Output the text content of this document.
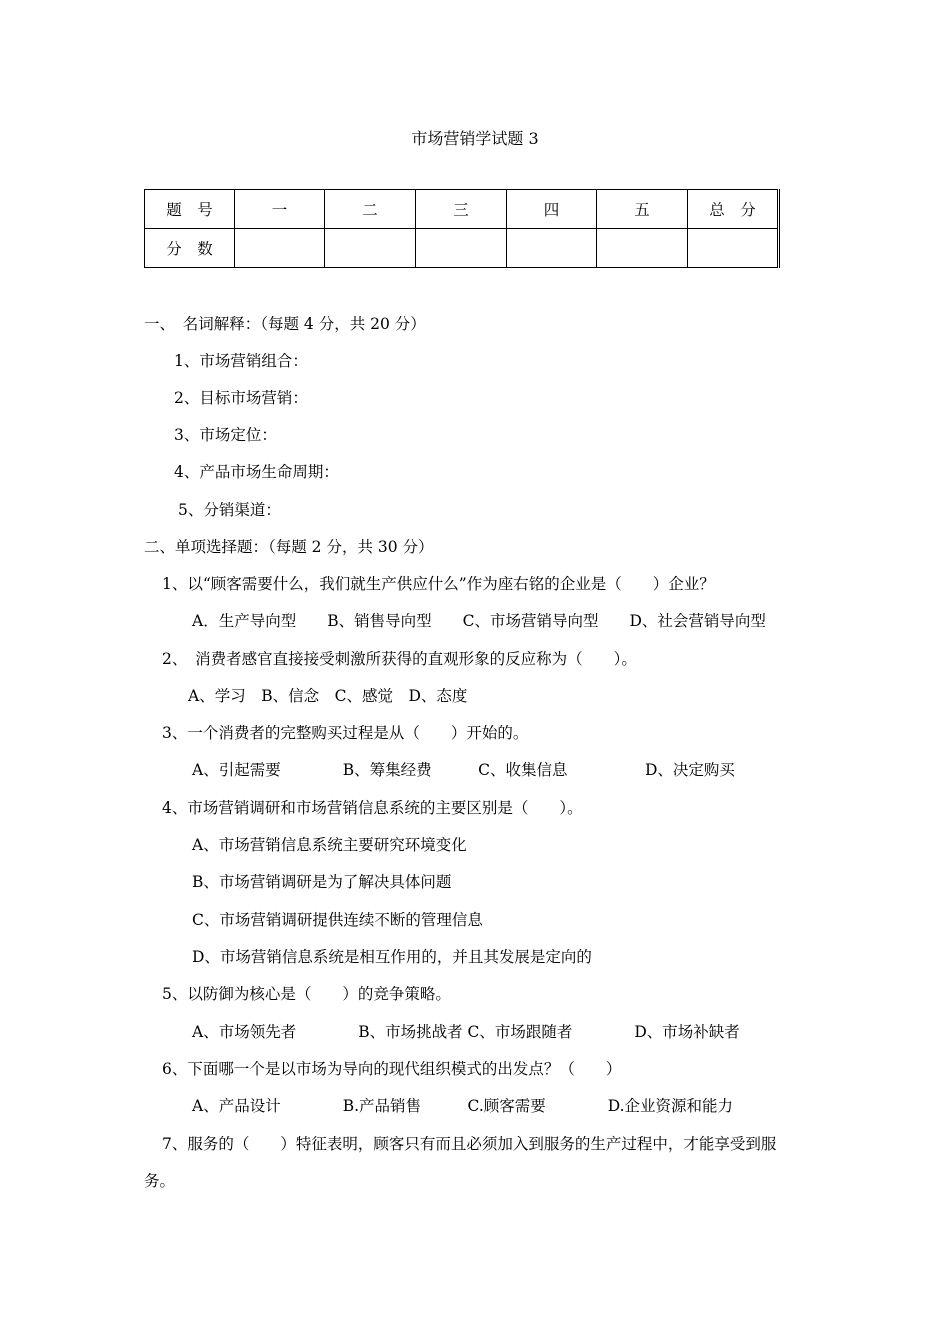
市场营销学试题 3
题　号	一	二	三	四	五	总　分
分　数						
一、　名词解释：（每题 4 分，共 20 分）
1、市场营销组合：
2、目标市场营销：
3、市场定位：
4、产品市场生命周期：
5、分销渠道：
二、单项选择题：（每题 2 分，共 30 分）
1、以“顾客需要什么，我们就生产供应什么”作为座右铭的企业是（　　）企业？
A．生产导向型　　B、销售导向型　　C、市场营销导向型　　D、社会营销导向型
2、　消费者感官直接接受刺激所获得的直观形象的反应称为（　　）。
A、学习　B、信念　C、感觉　D、态度
3、一个消费者的完整购买过程是从（　　）开始的。
A、引起需要　　　　B、筹集经费　　　C、收集信息　　　　　D、决定购买
4、市场营销调研和市场营销信息系统的主要区别是（　　）。
A、市场营销信息系统主要研究环境变化
B、市场营销调研是为了解决具体问题
C、市场营销调研提供连续不断的管理信息
D、市场营销信息系统是相互作用的，并且其发展是定向的
5、以防御为核心是（　　）的竞争策略。
A、市场领先者　　　　B、市场挑战者 C、市场跟随者　　　　D、市场补缺者
6、下面哪一个是以市场为导向的现代组织模式的出发点？（　　）
A、产品设计　　　　B.产品销售　　　C.顾客需要　　　　D.企业资源和能力
7、服务的（　　）特征表明，顾客只有而且必须加入到服务的生产过程中，才能享受到服
务。
